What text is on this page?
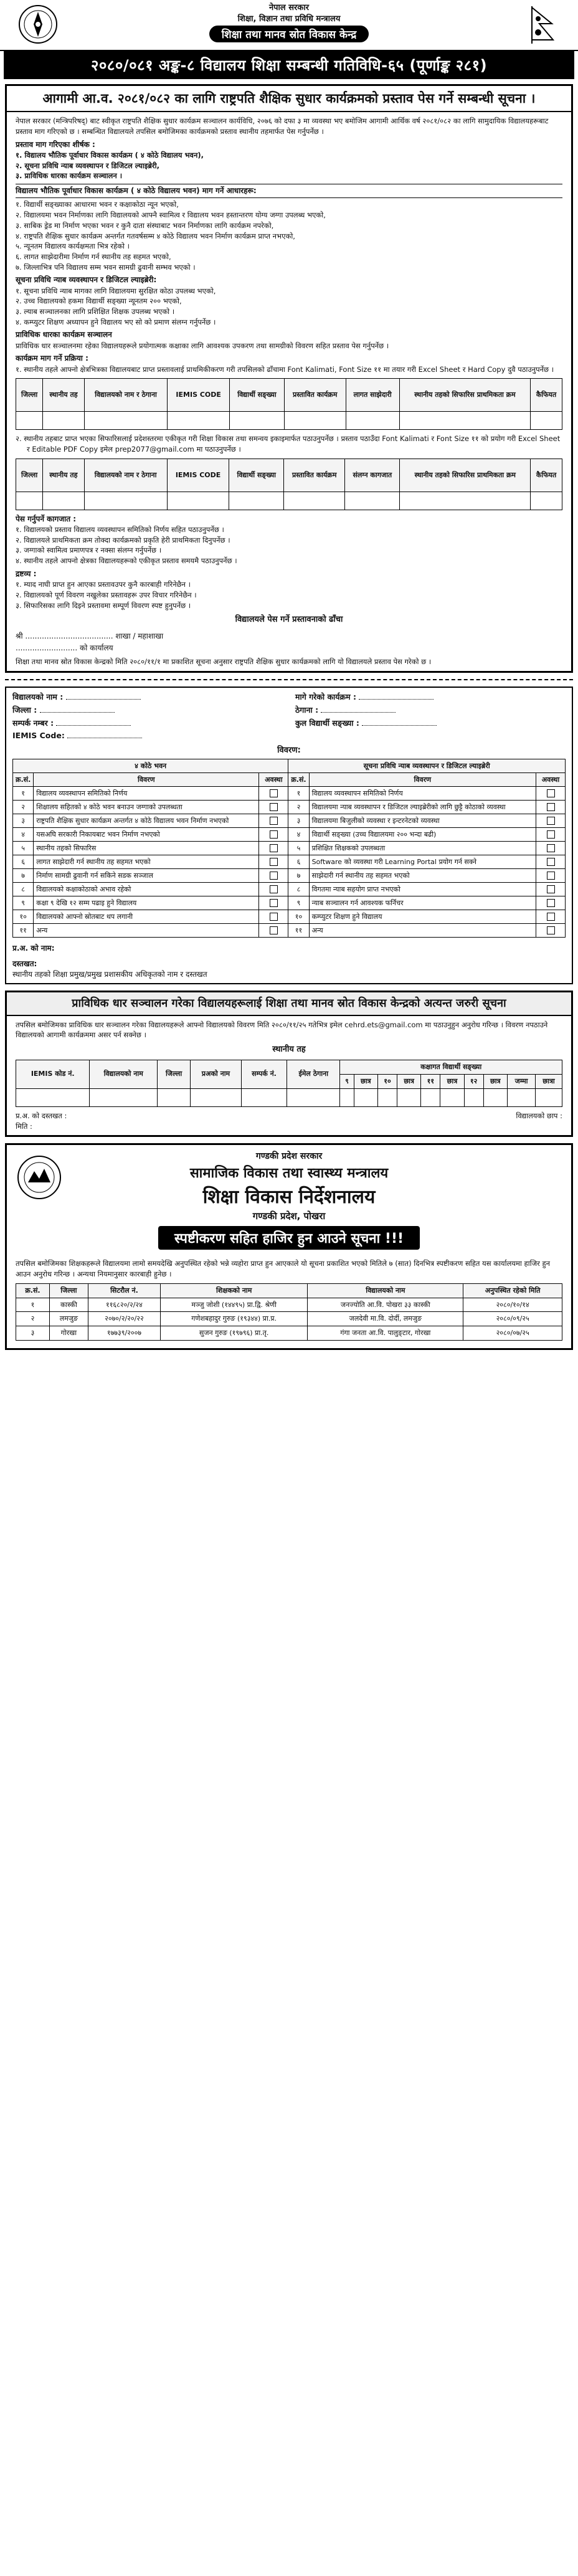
नेपाल सरकार
शिक्षा, विज्ञान तथा प्रविधि मन्त्रालय
शिक्षा तथा मानव स्रोत विकास केन्द्र
२०८०/०८१ अङ्क-८ विद्यालय शिक्षा सम्बन्धी गतिविधि-६५ (पूर्णाङ्क २८१)
आगामी आ.व. २०८१/०८२ का लागि राष्ट्रपति शैक्षिक सुधार कार्यक्रमको प्रस्ताव पेस गर्ने सम्बन्धी सूचना ।
नेपाल सरकार (मन्त्रिपरिषद्) बाट स्वीकृत राष्ट्रपति शैक्षिक सुधार कार्यक्रम सञ्चालन कार्यविधि, २०७६ को दफा ३ मा व्यवस्था भए बमोजिम आगामी आर्थिक वर्ष २०८१/०८२ का लागि सामुदायिक विद्यालयहरूबाट प्रस्ताव माग गरिएको छ । सम्बन्धित विद्यालयले तपसिल बमोजिमका कार्यक्रमको प्रस्ताव स्थानीय तहमार्फत पेस गर्नुपर्नेछ ।
प्रस्ताव माग गरिएका शीर्षक :
१. विद्यालय भौतिक पूर्वाधार विकास कार्यक्रम ( ४ कोठे विद्यालय भवन),
२. सूचना प्रविधि न्याब व्यवस्थापन र डिजिटल ल्याइब्रेरी,
३. प्राविधिक धारका कार्यक्रम सञ्चालन ।
विद्यालय भौतिक पूर्वाधार विकास कार्यक्रम ( ४ कोठे विद्यालय भवन) माग गर्ने आधारहरू:
१. विद्यार्थी सङ्ख्याका आधारमा भवन र कक्षाकोठा न्यून भएको,
२. विद्यालयमा भवन निर्माणका लागि विद्यालयको आफ्नै स्वामित्व र विद्यालय भवन हस्तान्तरण योग्य जग्गा उपलब्ध भएको,
३. साबिक ड्रेड मा निर्माण भएका भवन र कुनै दाता संस्थाबाट भवन निर्माणका लागि कार्यक्रम नपरेको,
४. राष्ट्रपति शैक्षिक सुधार कार्यक्रम अन्तर्गत गतवर्षसम्म ४ कोठे विद्यालय भवन निर्माण कार्यक्रम प्राप्त नभएको,
५. न्यूनतम विद्यालय कार्यक्षमता भित्र रहेको ।
६. लागत साझेदारीमा निर्माण गर्न स्थानीय तह सहमत भएको,
७. जिल्लाभित्र पनि विद्यालय सम्म भवन सामग्री ढुवानी सम्भव भएको ।
सूचना प्रविधि न्याब व्यवस्थापन र डिजिटल ल्याइब्रेरी:
१. सूचना प्रविधि न्याब मागका लागि विद्यालयमा सुरक्षित कोठा उपलब्ध भएको,
२. उच्च विद्यालयको हकमा विद्यार्थी सङ्ख्या न्यूनतम २०० भएको,
३. ल्याब सञ्चालनका लागि प्रशिक्षित शिक्षक उपलब्ध भएको ।
४. कम्प्युटर शिक्षण अध्यापन हुने विद्यालय भए सो को प्रमाण संलग्न गर्नुपर्नेछ ।
प्राविधिक धारका कार्यक्रम सञ्चालन
प्राविधिक धार सञ्चालनमा रहेका विद्यालयहरूले प्रयोगात्मक कक्षाका लागि आवश्यक उपकरण तथा सामग्रीको विवरण सहित प्रस्ताव पेस गर्नुपर्नेछ ।
कार्यक्रम माग गर्ने प्रक्रिया :
१. स्थानीय तहले आफ्नो क्षेत्रभित्रका विद्यालयबाट प्राप्त प्रस्तावलाई प्राथमिकीकरण गरी तपसिलको ढाँचामा Font Kalimati, Font Size ११ मा तयार गरी Excel Sheet र Hard Copy दुवै पठाउनुपर्नेछ ।
जिल्ला	स्थानीय तह	विद्यालयको नाम र ठेगाना	IEMIS CODE	विद्यार्थी सङ्ख्या	प्रस्तावित कार्यक्रम	लागत साझेदारी	स्थानीय तहको सिफारिस प्राथमिकता क्रम	कैफियत

२. स्थानीय तहबाट प्राप्त भएका सिफारिसलाई प्रदेशस्तरमा एकीकृत गरी शिक्षा विकास तथा समन्वय इकाइमार्फत पठाउनुपर्नेछ । प्रस्ताव पठाउँदा Font Kalimati र Font Size ११ को प्रयोग गरी Excel Sheet र Editable PDF Copy इमेल prep2077@gmail.com मा पठाउनुपर्नेछ ।
जिल्ला	स्थानीय तह	विद्यालयको नाम र ठेगाना	IEMIS CODE	विद्यार्थी सङ्ख्या	प्रस्तावित कार्यक्रम	संलग्न कागजात	स्थानीय तहको सिफारिस प्राथमिकता क्रम	कैफियत

पेस गर्नुपर्ने कागजात :
१. विद्यालयको प्रस्ताव विद्यालय व्यवस्थापन समितिको निर्णय सहित पठाउनुपर्नेछ ।
२. विद्यालयले प्राथमिकता क्रम तोक्दा कार्यक्रमको प्रकृति हेरी प्राथमिकता दिनुपर्नेछ ।
३. जग्गाको स्वामित्व प्रमाणपत्र र नक्सा संलग्न गर्नुपर्नेछ ।
४. स्थानीय तहले आफ्नो क्षेत्रका विद्यालयहरूको एकीकृत प्रस्ताव समयमै पठाउनुपर्नेछ ।
द्रष्टव्य :
१. म्याद नाघी प्राप्त हुन आएका प्रस्तावउपर कुनै कारबाही गरिनेछैन ।
२. विद्यालयको पूर्ण विवरण नखुलेका प्रस्तावहरू उपर विचार गरिनेछैन ।
३. सिफारिसका लागि दिइने प्रस्तावमा सम्पूर्ण विवरण स्पष्ट हुनुपर्नेछ ।
विद्यालयले पेस गर्ने प्रस्तावनाको ढाँचा
श्री ..................................... शाखा / महाशाखा
.......................... को कार्यालय
शिक्षा तथा मानव स्रोत विकास केन्द्रको मिति २०८०/११/१ मा प्रकाशित सूचना अनुसार राष्ट्रपति शैक्षिक सुधार कार्यक्रमको लागि यो विद्यालयले प्रस्ताव पेस गरेको छ ।
विद्यालयको नाम :	मागे गरेको कार्यक्रम :
जिल्ला :	ठेगाना :
सम्पर्क नम्बर :	कुल विद्यार्थी सङ्ख्या :
IEMIS Code:
विवरण:
४ कोठे भवन			सूचना प्रविधि न्याब व्यवस्थापन र डिजिटल ल्याइब्रेरी		
क्र.सं.	विवरण	अवस्था	क्र.सं.	विवरण	अवस्था
१	विद्यालय व्यवस्थापन समितिको निर्णय		१	विद्यालय व्यवस्थापन समितिको निर्णय	
२	शिक्षालय सहितको ४ कोठे भवन बनाउन जग्गाको उपलब्धता		२	विद्यालयमा न्याब व्यवस्थापन र डिजिटल ल्याइब्रेरीको लागि छुट्टै कोठाको व्यवस्था	
३	राष्ट्रपति शैक्षिक सुधार कार्यक्रम अन्तर्गत ४ कोठे विद्यालय भवन निर्माण नभएको		३	विद्यालयमा बिजुलीको व्यवस्था र इन्टरनेटको व्यवस्था	
४	यसअघि सरकारी निकायबाट भवन निर्माण नभएको		४	विद्यार्थी सङ्ख्या (उच्च विद्यालयमा २०० भन्दा बढी)	
५	स्थानीय तहको सिफारिस		५	प्रशिक्षित शिक्षकको उपलब्धता	
६	लागत साझेदारी गर्न स्थानीय तह सहमत भएको		६	Software को व्यवस्था गरी Learning Portal प्रयोग गर्न सक्ने	
७	निर्माण सामग्री ढुवानी गर्न सकिने सडक सञ्जाल		७	साझेदारी गर्न स्थानीय तह सहमत भएको	
८	विद्यालयको कक्षाकोठाको अभाव रहेको		८	विगतमा न्याब सहयोग प्राप्त नभएको	
९	कक्षा ९ देखि १२ सम्म पढाइ हुने विद्यालय		९	न्याब सञ्चालन गर्न आवश्यक फर्निचर	
१०	विद्यालयको आफ्नो स्रोतबाट थप लगानी		१०	कम्प्युटर शिक्षण हुने विद्यालय	
११	अन्य		११	अन्य	
प्र.अ. को नाम:
दस्तखत:
स्थानीय तहको शिक्षा प्रमुख/प्रमुख प्रशासकीय अधिकृतको नाम र दस्तखत
प्राविधिक धार सञ्चालन गरेका विद्यालयहरूलाई शिक्षा तथा मानव स्रोत विकास केन्द्रको अत्यन्त जरुरी सूचना
तपसिल बमोजिमका प्राविधिक धार सञ्चालन गरेका विद्यालयहरूले आफ्नो विद्यालयको विवरण मिति २०८०/११/२५ गतेभित्र इमेल cehrd.ets@gmail.com मा पठाउनुहुन अनुरोध गरिन्छ । विवरण नपठाउने विद्यालयको आगामी कार्यक्रममा असर पर्न सक्नेछ ।
स्थानीय तह
IEMIS कोड नं.	विद्यालयको नाम	जिल्ला	प्रअको नाम	सम्पर्क नं.	ईमेल ठेगाना	कक्षागत विद्यार्थी सङ्ख्या									
						९	छात्र	१०	छात्र	११	छात्र	१२	छात्र	जम्मा	छात्रा

प्र.अ. को दस्तखत :
मिति :
विद्यालयको छाप :
गण्डकी प्रदेश सरकार
सामाजिक विकास तथा स्वास्थ्य मन्त्रालय
शिक्षा विकास निर्देशनालय
गण्डकी प्रदेश, पोखरा
स्पष्टीकरण सहित हाजिर हुन आउने सूचना !!!
तपसिल बमोजिमका शिक्षकहरूले विद्यालयमा लामो समयदेखि अनुपस्थित रहेको भन्ने व्यहोरा प्राप्त हुन आएकाले यो सूचना प्रकाशित भएको मितिले ७ (सात) दिनभित्र स्पष्टीकरण सहित यस कार्यालयमा हाजिर हुन आउन अनुरोध गरिन्छ । अन्यथा नियमानुसार कारबाही हुनेछ ।
क्र.सं.	जिल्ला	सिटरौल नं.	शिक्षकको नाम	विद्यालयको नाम	अनुपस्थित रहेको मिति
१	कास्की	११६८२०/२/२४	मञ्जु जोशी (१४४९५) प्रा.द्वि. श्रेणी	जनज्योति आ.वि. पोखरा ३३ कास्की	२०८०/१०/१४
२	लमजुङ	२०७०/२/२०/२२	गणेशबहादुर गुरुङ (१९३४४) प्रा.प्र.	जलदेवी मा.वि. दोर्दी, लमजुङ	२०८०/०९/२५
३	गोरखा	१७७३९/२००७	सुजन गुरुङ (१९७९६) प्रा.तृ.	गंगा जनता आ.वि. पालुङ्टार, गोरखा	२०८०/०७/२५
